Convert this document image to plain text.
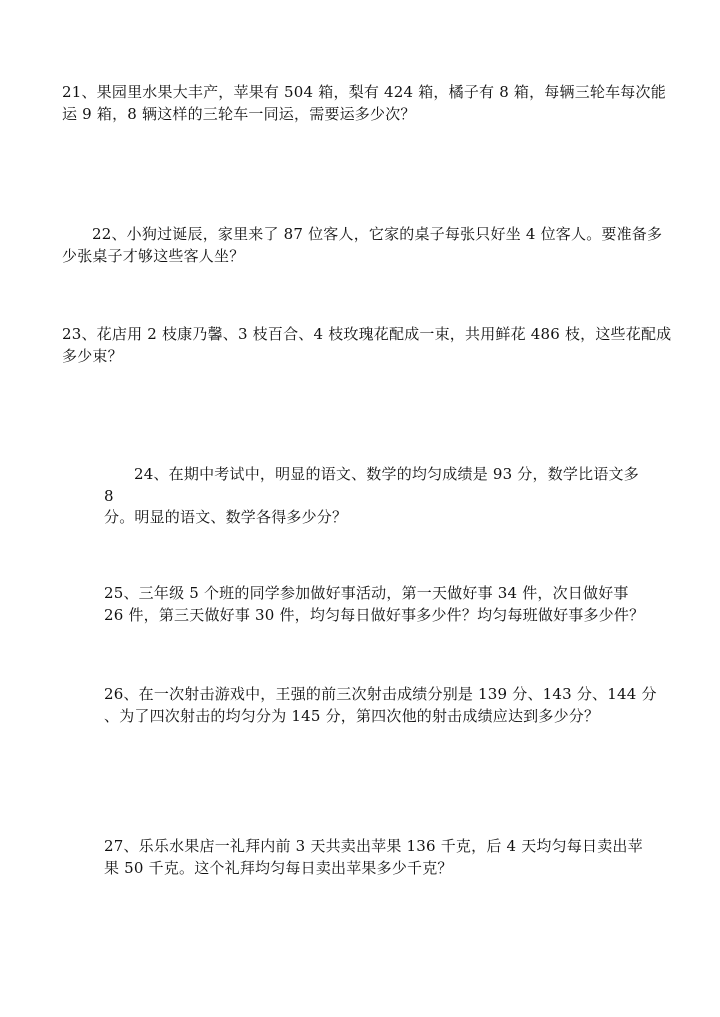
21、果园里水果大丰产，苹果有 504 箱，梨有 424 箱，橘子有 8 箱，每辆三轮车每次能
运 9 箱，8 辆这样的三轮车一同运，需要运多少次？
22、小狗过诞辰，家里来了 87 位客人，它家的桌子每张只好坐 4 位客人。要准备多
少张桌子才够这些客人坐？
23、花店用 2 枝康乃馨、3 枝百合、4 枝玫瑰花配成一束，共用鲜花 486 枝，这些花配成
多少束？
24、在期中考试中，明显的语文、数学的均匀成绩是 93 分，数学比语文多
8
分。明显的语文、数学各得多少分？
25、三年级 5 个班的同学参加做好事活动，第一天做好事 34 件，次日做好事
26 件，第三天做好事 30 件，均匀每日做好事多少件？均匀每班做好事多少件？
26、在一次射击游戏中，王强的前三次射击成绩分别是 139 分、143 分、144 分
、为了四次射击的均匀分为 145 分，第四次他的射击成绩应达到多少分？
27、乐乐水果店一礼拜内前 3 天共卖出苹果 136 千克，后 4 天均匀每日卖出苹
果 50 千克。这个礼拜均匀每日卖出苹果多少千克？
